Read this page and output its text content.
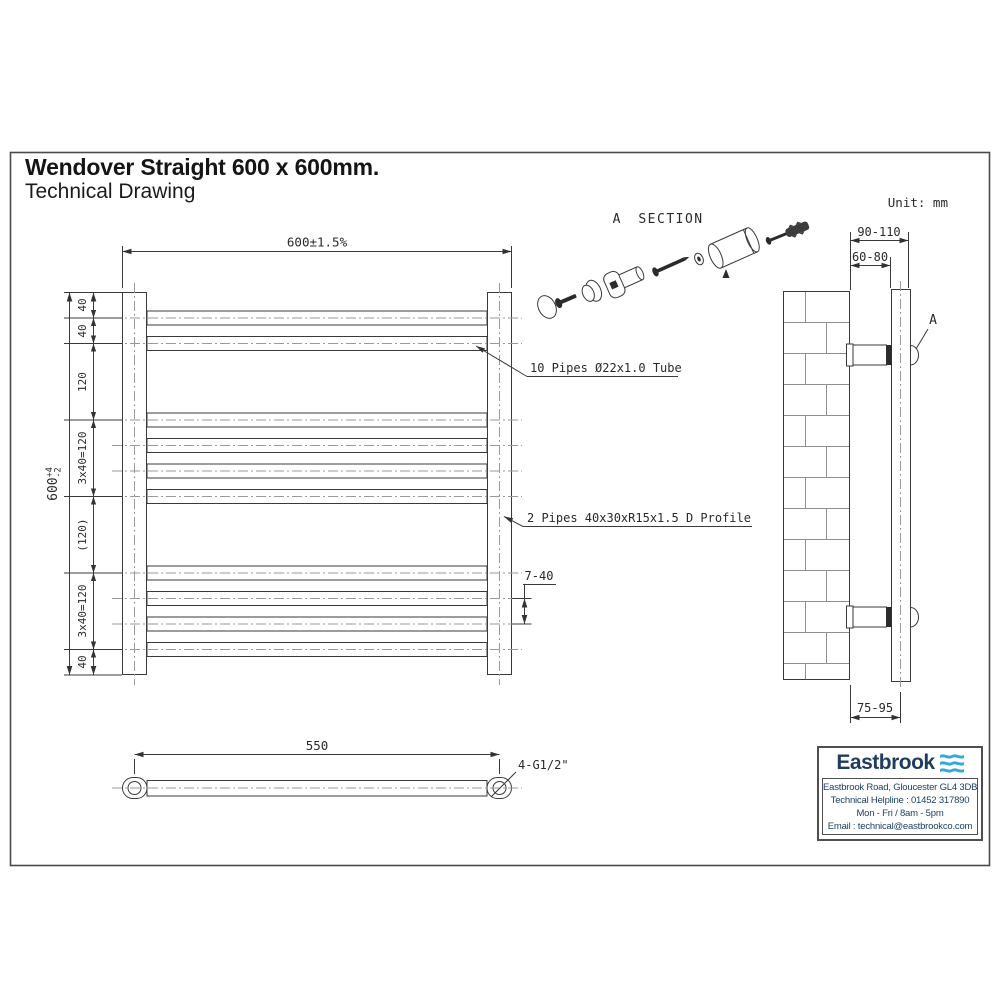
Wendover Straight 600 x 600mm.
Technical Drawing	Unit: mm
600±1.5%
$600^{+4}-2$
40
40
120
3x40=120
(120)
3x40=120
40
7-40
10 Pipes Ø22x1.0 Tube
2 Pipes 40x30xR15x1.5 D Profile
A SECTION
90-110
60-80
A
75-95
550
4-G1/2"	Eastbrook
Eastbrook Road, Gloucester GL4 3DB
Technical Helpline : 01452 317890
Mon - Fri / 8am - 5pm
Email : technical@eastbrookco.com
